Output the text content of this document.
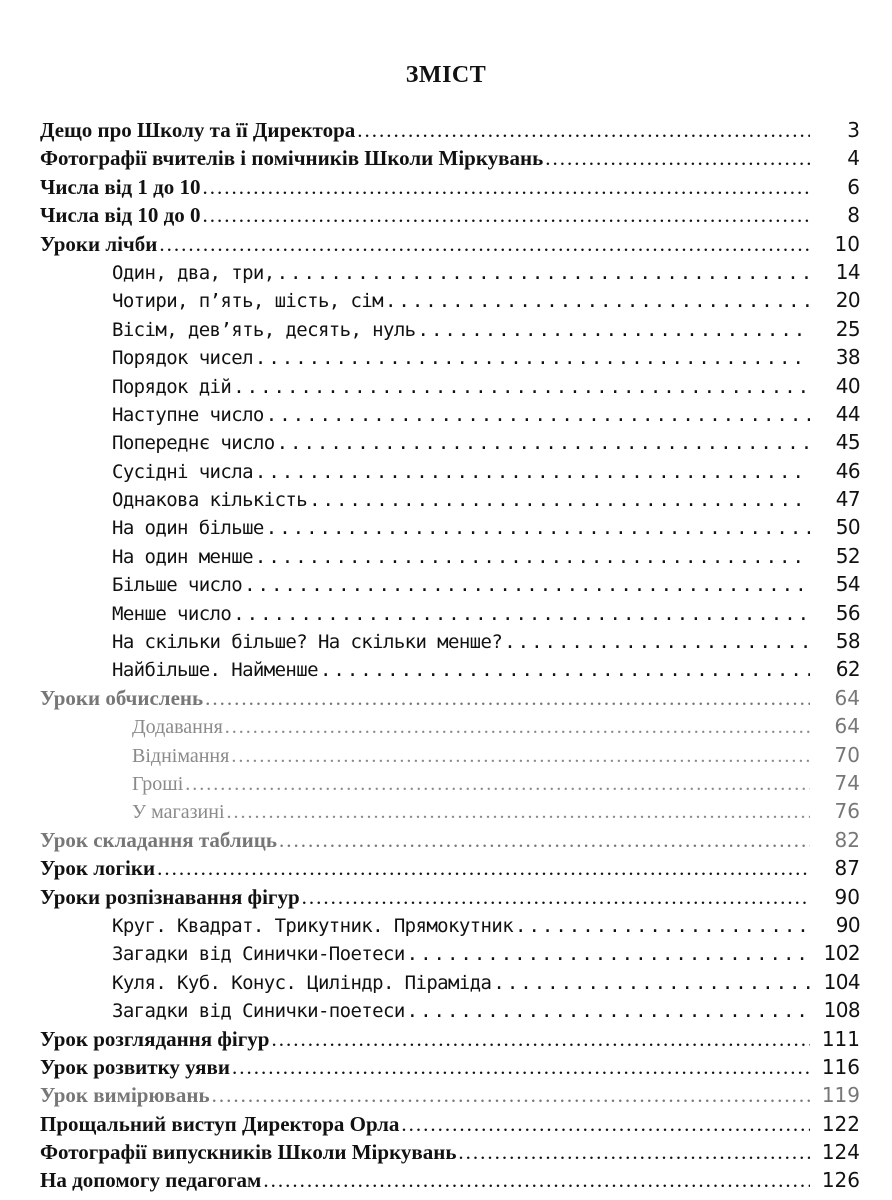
ЗМІСТ
Дещо про Школу та її Директора .....	3
Фотографії вчителів і помічників Школи Міркувань .....	4
Числа від 1 до 10 .....	6
Числа від 10 до 0 .....	8
Уроки лічби .....	10
Один, два, три, .....	14
Чотири, п’ять, шість, сім .....	20
Вісім, дев’ять, десять, нуль .....	25
Порядок чисел .....	38
Порядок дій .....	40
Наступне число .....	44
Попереднє число .....	45
Сусідні числа .....	46
Однакова кількість .....	47
На один більше .....	50
На один менше .....	52
Більше число .....	54
Менше число .....	56
На скільки більше? На скільки менше? .....	58
Найбільше. Найменше .....	62
Уроки обчислень .....	64
Додавання .....	64
Віднімання .....	70
Гроші .....	74
У магазині .....	76
Урок складання таблиць .....	82
Урок логіки .....	87
Уроки розпізнавання фігур .....	90
Круг. Квадрат. Трикутник. Прямокутник .....	90
Загадки від Синички-Поетеси .....	102
Куля. Куб. Конус. Циліндр. Піраміда .....	104
Загадки від Синички-поетеси .....	108
Урок розглядання фігур .....	111
Урок розвитку уяви .....	116
Урок вимірювань .....	119
Прощальний виступ Директора Орла .....	122
Фотографії випускників Школи Міркувань .....	124
На допомогу педагогам .....	126
